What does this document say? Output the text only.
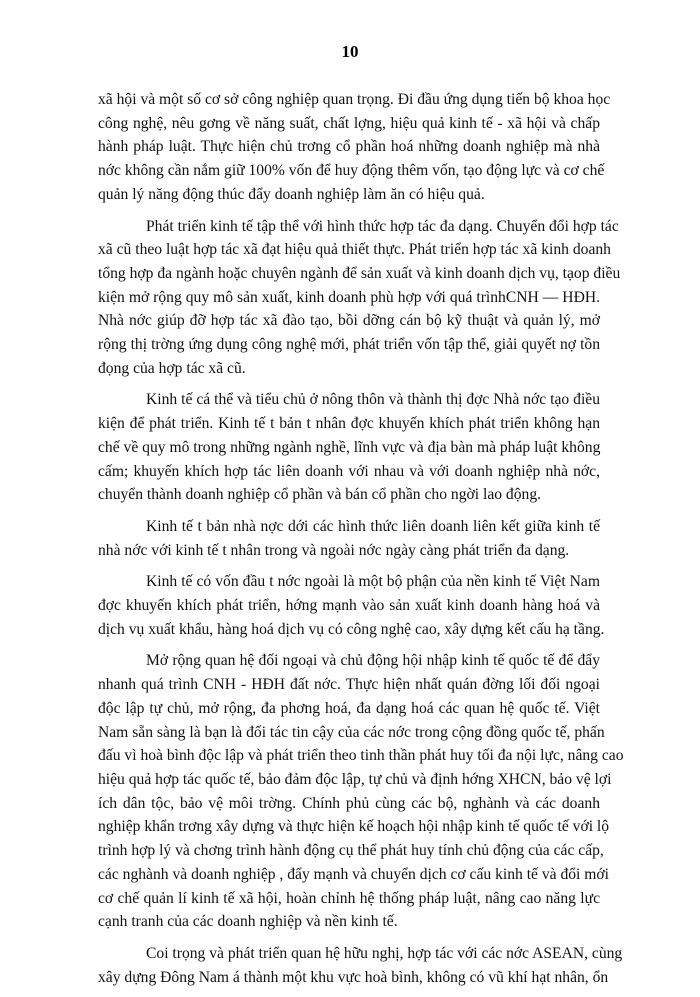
10

xã hội và một số cơ sở công nghiệp quan trọng. Đi đầu ứng dụng tiến bộ khoa học
công nghệ, nêu gơng về năng suất, chất lợng, hiệu quả kinh tế - xã hội và chấp
hành pháp luật. Thực hiện chủ trơng cổ phần hoá những doanh nghiệp mà nhà
nớc không cần nắm giữ 100% vốn để huy động thêm vốn, tạo động lực và cơ chế
quản lý năng động thúc đẩy doanh nghiệp làm ăn có hiệu quả.

Phát triển kinh tế tập thể với hình thức hợp tác đa dạng. Chuyển đổi hợp tác
xã cũ theo luật hợp tác xã đạt hiệu quả thiết thực. Phát triển hợp tác xã kinh doanh
tổng hợp đa ngành hoặc chuyên ngành để sản xuất và kinh doanh dịch vụ, tạop điều
kiện mở rộng quy mô sản xuất, kinh doanh phù hợp với quá trìnhCNH — HĐH.
Nhà nớc giúp đỡ hợp tác xã đào tạo, bồi dỡng cán bộ kỹ thuật và quản lý, mở
rộng thị trờng ứng dụng công nghệ mới, phát triển vốn tập thể, giải quyết nợ tồn
đọng của hợp tác xã cũ.

Kinh tế cá thể và tiểu chủ ở nông thôn và thành thị đợc Nhà nớc tạo điều
kiện để phát triển. Kinh tế t bản t nhân đợc khuyến khích phát triển không hạn
chế về quy mô trong những ngành nghề, lĩnh vực và địa bàn mà pháp luật không
cấm; khuyến khích hợp tác liên doanh với nhau và với doanh nghiệp nhà nớc,
chuyển thành doanh nghiệp cổ phần và bán cổ phần cho ngời lao động.

Kinh tế t bản nhà nợc dới các hình thức liên doanh liên kết giữa kinh tế
nhà nớc với kinh tế t nhân trong và ngoài nớc ngày càng phát triển đa dạng.

Kinh tế có vốn đầu t nớc ngoài là một bộ phận của nền kinh tế Việt Nam
đợc khuyến khích phát triển, hớng mạnh vào sản xuất kinh doanh hàng hoá và
dịch vụ xuất khẩu, hàng hoá dịch vụ có công nghệ cao, xây dựng kết cấu hạ tầng.

Mở rộng quan hệ đối ngoại và chủ động hội nhập kinh tế quốc tế để đẩy
nhanh quá trình CNH - HĐH đất nớc. Thực hiện nhất quán đờng lối đối ngoại
độc lập tự chủ, mở rộng, đa phơng hoá, đa dạng hoá các quan hệ quốc tế. Việt
Nam sẵn sàng là bạn là đối tác tin cậy của các nớc trong cộng đồng quốc tế, phấn
đấu vì hoà bình độc lập và phát triển theo tinh thần phát huy tối đa nội lực, nâng cao
hiệu quả hợp tác quốc tế, bảo đảm độc lập, tự chủ và định hớng XHCN, bảo vệ lợi
ích dân tộc, bảo vệ môi trờng. Chính phủ cùng các bộ, nghành và các doanh
nghiệp khẩn trơng xây dựng và thực hiện kế hoạch hội nhập kinh tế quốc tế với lộ
trình hợp lý và chơng trình hành động cụ thể phát huy tính chủ động của các cấp,
các nghành và doanh nghiệp , đẩy mạnh và chuyển dịch cơ cấu kinh tế và đổi mới
cơ chế quản lí kinh tế xã hội, hoàn chỉnh hệ thống pháp luật, nâng cao năng lực
cạnh tranh của các doanh nghiệp và nền kinh tế.

Coi trọng và phát triển quan hệ hữu nghị, hợp tác với các nớc ASEAN, cùng
xây dựng Đông Nam á thành một khu vực hoà bình, không có vũ khí hạt nhân, ổn
